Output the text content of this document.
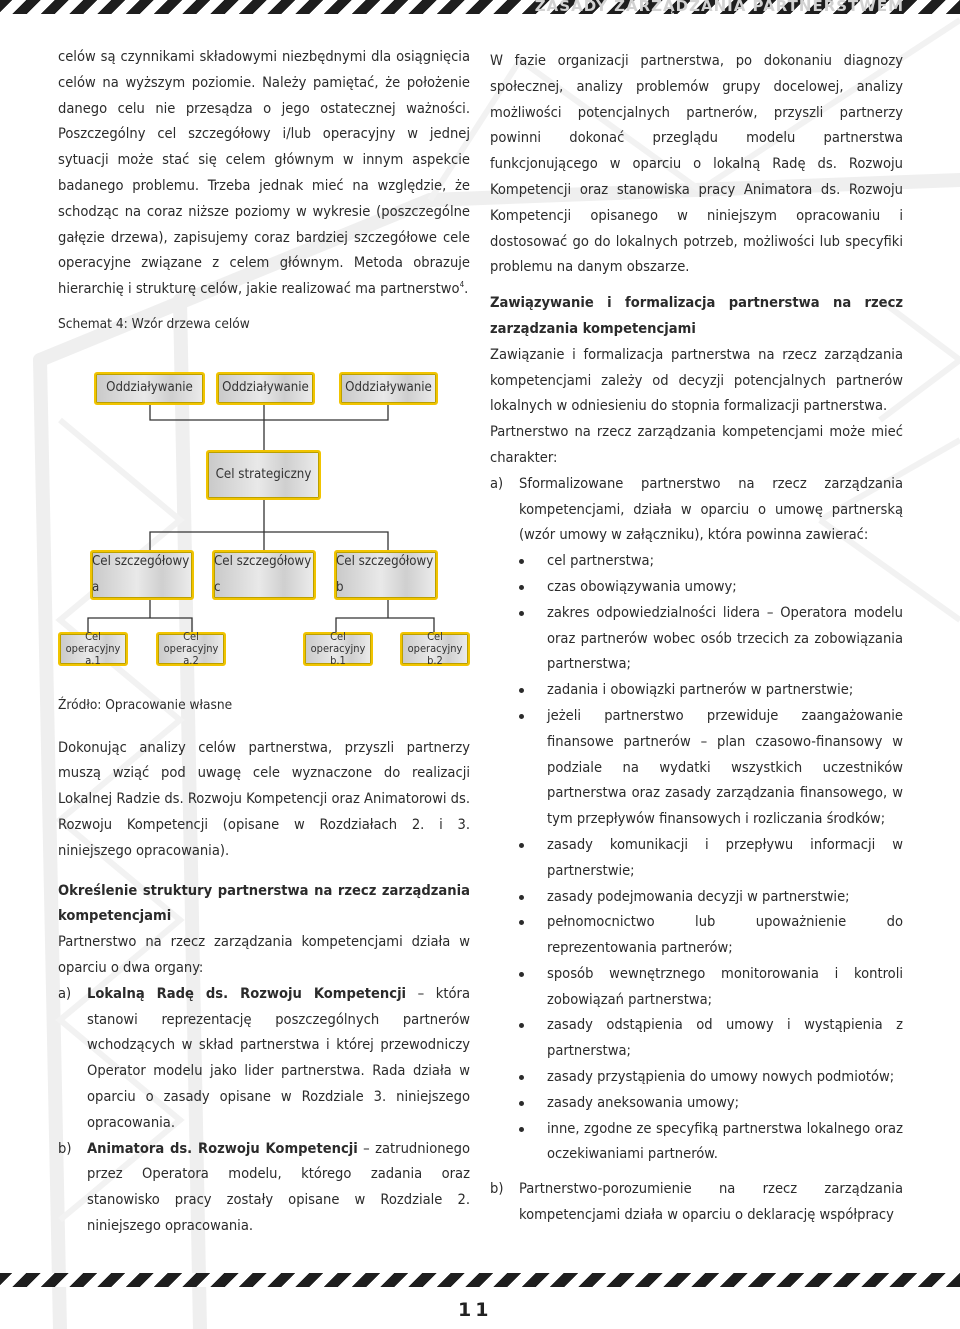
ZASADY ZARZĄDZANIA PARTNERSTWEM

celów są czynnikami składowymi niezbędnymi dla osiągnięcia celów na wyższym poziomie. Należy pamiętać, że położenie danego celu nie przesądza o jego ostatecznej ważności. Poszczególny cel szczegółowy i/lub operacyjny w jednej sytuacji może stać się celem głównym w innym aspekcie badanego problemu. Trzeba jednak mieć na względzie, że schodząc na coraz niższe poziomy w wykresie (poszczególne gałęzie drzewa), zapisujemy coraz bardziej szczegółowe cele operacyjne związane z celem głównym. Metoda obrazuje hierarchię i strukturę celów, jakie realizować ma partnerstwo$^4$.

Schemat 4: Wzór drzewa celów

Oddziaływanie	Oddziaływanie	Oddziaływanie
Cel strategiczny
Cel szczegółowy a
Cel szczegółowy c
Cel szczegółowy b
Cel operacyjny
a.1
Cel operacyjny
a.2
Cel operacyjny
b.1
Cel operacyjny
b.2

Źródło: Opracowanie własne

Dokonując analizy celów partnerstwa, przyszli partnerzy muszą wziąć pod uwagę cele wyznaczone do realizacji Lokalnej Radzie ds. Rozwoju Kompetencji oraz Animatorowi ds. Rozwoju Kompetencji (opisane w Rozdziałach 2. i 3. niniejszego opracowania).

Określenie struktury partnerstwa na rzecz zarządzania kompetencjami

Partnerstwo na rzecz zarządzania kompetencjami działa w oparciu o dwa organy:

a) Lokalną Radę ds. Rozwoju Kompetencji – która stanowi reprezentację poszczególnych partnerów wchodzących w skład partnerstwa i której przewodniczy Operator modelu jako lider partnerstwa. Rada działa w oparciu o zasady opisane w Rozdziale 3. niniejszego opracowania.
b) Animatora ds. Rozwoju Kompetencji – zatrudnionego przez Operatora modelu, którego zadania oraz stanowisko pracy zostały opisane w Rozdziale 2. niniejszego opracowania.

W fazie organizacji partnerstwa, po dokonaniu diagnozy społecznej, analizy problemów grupy docelowej, analizy możliwości potencjalnych partnerów, przyszli partnerzy powinni dokonać przeglądu modelu partnerstwa funkcjonującego w oparciu o lokalną Radę ds. Rozwoju Kompetencji oraz stanowiska pracy Animatora ds. Rozwoju Kompetencji opisanego w niniejszym opracowaniu i dostosować go do lokalnych potrzeb, możliwości lub specyfiki problemu na danym obszarze.

Zawiązywanie i formalizacja partnerstwa na rzecz zarządzania kompetencjami

Zawiązanie i formalizacja partnerstwa na rzecz zarządzania kompetencjami zależy od decyzji potencjalnych partnerów lokalnych w odniesieniu do stopnia formalizacji partnerstwa.

Partnerstwo na rzecz zarządzania kompetencjami może mieć charakter:

a) Sformalizowane partnerstwo na rzecz zarządzania kompetencjami, działa w oparciu o umowę partnerską (wzór umowy w załączniku), która powinna zawierać:
cel partnerstwa;
czas obowiązywania umowy;
zakres odpowiedzialności lidera – Operatora modelu oraz partnerów wobec osób trzecich za zobowiązania partnerstwa;
zadania i obowiązki partnerów w partnerstwie;
jeżeli partnerstwo przewiduje zaangażowanie finansowe partnerów – plan czasowo-finansowy w podziale na wydatki wszystkich uczestników partnerstwa oraz zasady zarządzania finansowego, w tym przepływów finansowych i rozliczania środków;
zasady komunikacji i przepływu informacji w partnerstwie;
zasady podejmowania decyzji w partnerstwie;
pełnomocnictwo lub upoważnienie do reprezentowania partnerów;
sposób wewnętrznego monitorowania i kontroli zobowiązań partnerstwa;
zasady odstąpienia od umowy i wystąpienia z partnerstwa;
zasady przystąpienia do umowy nowych podmiotów;
zasady aneksowania umowy;
inne, zgodne ze specyfiką partnerstwa lokalnego oraz oczekiwaniami partnerów.
b) Partnerstwo-porozumienie na rzecz zarządzania kompetencjami działa w oparciu o deklarację współpracy
11
